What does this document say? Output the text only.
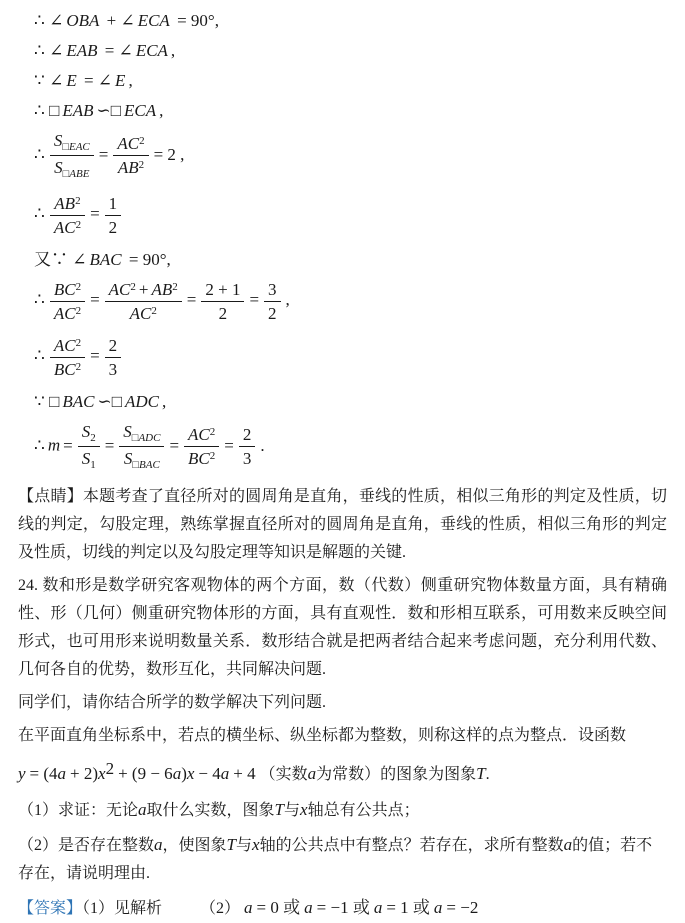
∴ ∠ OBA + ∠ ECA = 90°,
∴ ∠ EAB = ∠ ECA ,
∵ ∠ E = ∠ E ,
∴ □ EAB ∽□ ECA ,
∴ $\frac{S_{□EAC}}{S_{□ABE}} = \frac{AC^2}{AB^2} = 2$ ,
∴ $\frac{AB^2}{AC^2} = \frac{1}{2}$
又∵ ∠ BAC = 90°,
∴ $\frac{BC^2}{AC^2} = \frac{AC^2 + AB^2}{AC^2} = \frac{2 + 1}{2} = \frac{3}{2}$ ,
∴ $\frac{AC^2}{BC^2} = \frac{2}{3}$
∵ □ BAC ∽□ ADC ,
∴ $m = \frac{S_2}{S_1} = \frac{S_{□ADC}}{S_{□BAC}} = \frac{AC^2}{BC^2} = \frac{2}{3}$ .

【点睛】本题考查了直径所对的圆周角是直角，垂线的性质，相似三角形的判定及性质，切线的判定，勾股定理，熟练掌握直径所对的圆周角是直角，垂线的性质，相似三角形的判定及性质，切线的判定以及勾股定理等知识是解题的关键.

24. 数和形是数学研究客观物体的两个方面，数（代数）侧重研究物体数量方面，具有精确性、形（几何）侧重研究物体形的方面，具有直观性．数和形相互联系，可用数来反映空间形式，也可用形来说明数量关系．数形结合就是把两者结合起来考虑问题，充分利用代数、几何各自的优势，数形互化，共同解决问题.

同学们，请你结合所学的数学解决下列问题.

在平面直角坐标系中，若点的横坐标、纵坐标都为整数，则称这样的点为整点．设函数

y = (4a + 2)x2 + (9 − 6a)x − 4a + 4 （实数a为常数）的图象为图象T.

（1）求证：无论a取什么实数，图象T与x轴总有公共点；

（2）是否存在整数a，使图象T与x轴的公共点中有整点？若存在，求所有整数a的值；若不存在，请说明理由.

【答案】（1）见解析 （2） a = 0 或 a = −1 或 a = 1 或 a = −2
